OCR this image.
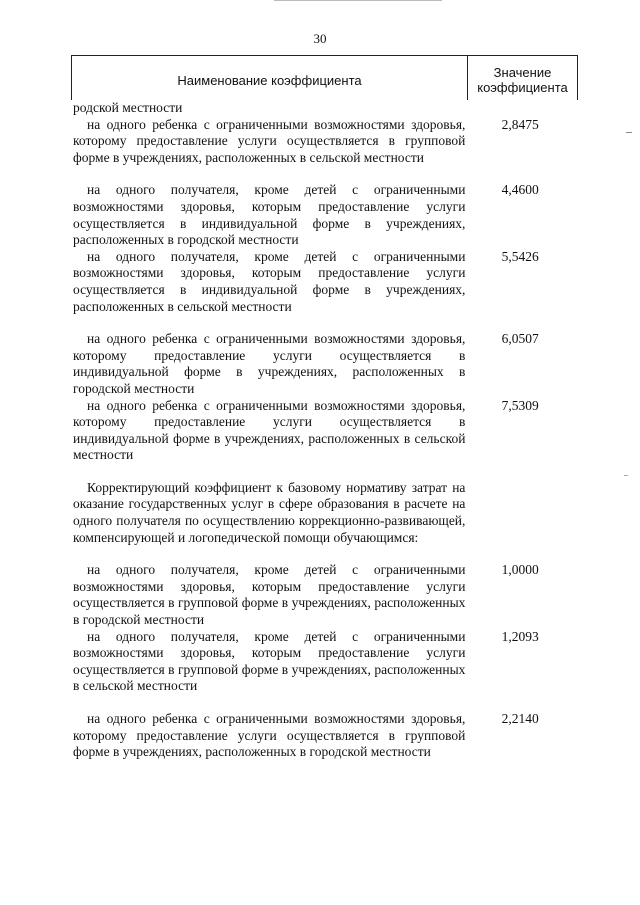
30
Наименование коэффициента	Значение
коэффициента
родской местности
на одного ребенка с ограниченными возможностями здоровья, которому предоставление услуги осуществляется в групповой форме в учреждениях, расположенных в сельской местности
2,8475
на одного получателя, кроме детей с ограниченными возможностями здоровья, которым предоставление услуги осуществляется в индивидуальной форме в учреждениях, расположенных в городской местности
4,4600
на одного получателя, кроме детей с ограниченными возможностями здоровья, которым предоставление услуги осуществляется в индивидуальной форме в учреждениях, расположенных в сельской местности
5,5426
на одного ребенка с ограниченными возможностями здоровья, которому предоставление услуги осуществляется в индивидуальной форме в учреждениях, расположенных в городской местности
6,0507
на одного ребенка с ограниченными возможностями здоровья, которому предоставление услуги осуществляется в индивидуальной форме в учреждениях, расположенных в сельской местности
7,5309
Корректирующий коэффициент к базовому нормативу затрат на оказание государственных услуг в сфере образования в расчете на одного получателя по осуществлению коррекционно-развивающей, компенсирующей и логопедической помощи обучающимся:
на одного получателя, кроме детей с ограниченными возможностями здоровья, которым предоставление услуги осуществляется в групповой форме в учреждениях, расположенных в городской местности
1,0000
на одного получателя, кроме детей с ограниченными возможностями здоровья, которым предоставление услуги осуществляется в групповой форме в учреждениях, расположенных в сельской местности
1,2093
на одного ребенка с ограниченными возможностями здоровья, которому предоставление услуги осуществляется в групповой форме в учреждениях, расположенных в городской местности
2,2140
